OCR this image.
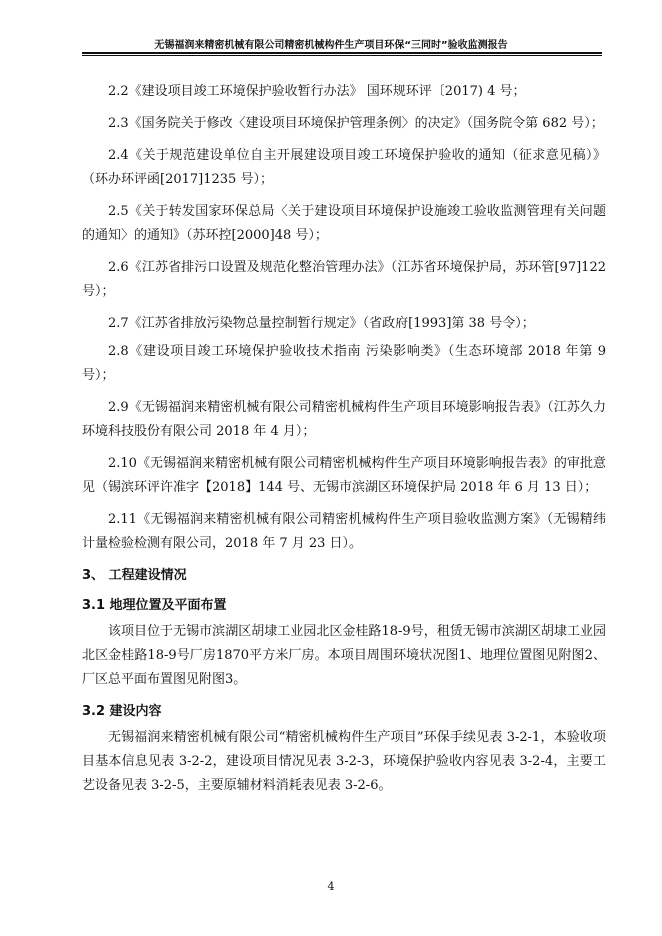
无锡福润来精密机械有限公司精密机械构件生产项目环保“三同时”验收监测报告

2.2《建设项目竣工环境保护验收暂行办法》 国环规环评〔2017) 4 号；

2.3《国务院关于修改〈建设项目环境保护管理条例〉的决定》（国务院令第 682 号）；

2.4《关于规范建设单位自主开展建设项目竣工环境保护验收的通知（征求意见稿）》（环办环评函[2017]1235 号）；

2.5《关于转发国家环保总局〈关于建设项目环境保护设施竣工验收监测管理有关问题的通知〉的通知》（苏环控[2000]48 号）；

2.6《江苏省排污口设置及规范化整治管理办法》（江苏省环境保护局，苏环管[97]122 号）；

2.7《江苏省排放污染物总量控制暂行规定》（省政府[1993]第 38 号令）；

2.8《建设项目竣工环境保护验收技术指南 污染影响类》（生态环境部 2018 年第 9 号）；

2.9《无锡福润来精密机械有限公司精密机械构件生产项目环境影响报告表》（江苏久力环境科技股份有限公司 2018 年 4 月）；

2.10《无锡福润来精密机械有限公司精密机械构件生产项目环境影响报告表》的审批意见（锡滨环评许准字【2018】144 号、无锡市滨湖区环境保护局 2018 年 6 月 13 日）；

2.11《无锡福润来精密机械有限公司精密机械构件生产项目验收监测方案》（无锡精纬计量检验检测有限公司，2018 年 7 月 23 日）。

3、 工程建设情况
3.1 地理位置及平面布置

该项目位于无锡市滨湖区胡埭工业园北区金桂路18-9号，租赁无锡市滨湖区胡埭工业园北区金桂路18-9号厂房1870平方米厂房。本项目周围环境状况图1、地理位置图见附图2、厂区总平面布置图见附图3。

3.2 建设内容

无锡福润来精密机械有限公司“精密机械构件生产项目”环保手续见表 3-2-1，本验收项目基本信息见表 3-2-2，建设项目情况见表 3-2-3，环境保护验收内容见表 3-2-4，主要工艺设备见表 3-2-5，主要原辅材料消耗表见表 3-2-6。

4
